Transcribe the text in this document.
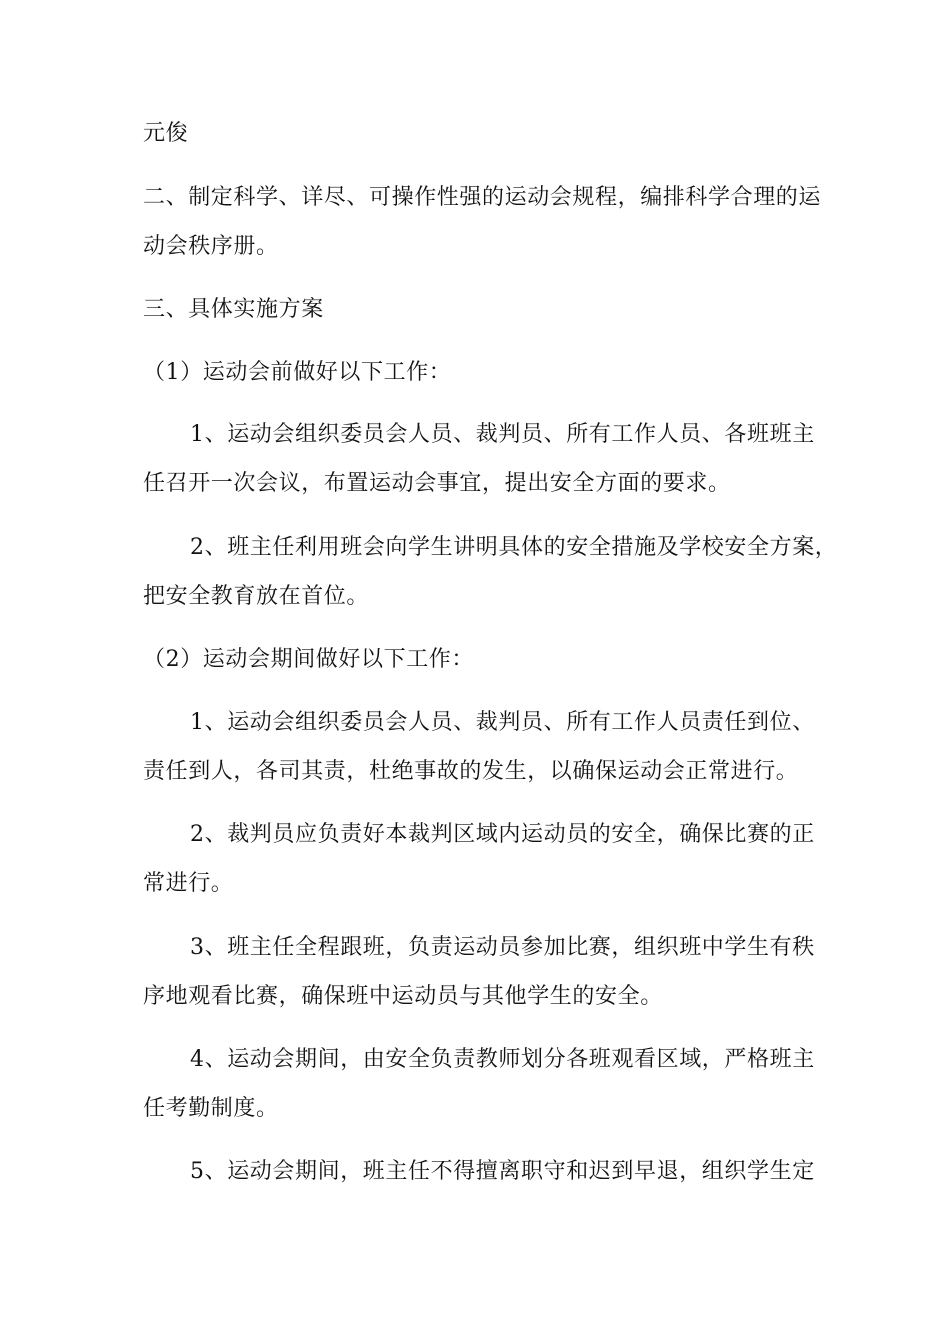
元俊
二、制定科学、详尽、可操作性强的运动会规程，编排科学合理的运
动会秩序册。
三、具体实施方案
（1）运动会前做好以下工作：
1、运动会组织委员会人员、裁判员、所有工作人员、各班班主
任召开一次会议，布置运动会事宜，提出安全方面的要求。
2、班主任利用班会向学生讲明具体的安全措施及学校安全方案，
把安全教育放在首位。
（2）运动会期间做好以下工作：
1、运动会组织委员会人员、裁判员、所有工作人员责任到位、
责任到人，各司其责，杜绝事故的发生，以确保运动会正常进行。
2、裁判员应负责好本裁判区域内运动员的安全，确保比赛的正
常进行。
3、班主任全程跟班，负责运动员参加比赛，组织班中学生有秩
序地观看比赛，确保班中运动员与其他学生的安全。
4、运动会期间，由安全负责教师划分各班观看区域，严格班主
任考勤制度。
5、运动会期间，班主任不得擅离职守和迟到早退，组织学生定
